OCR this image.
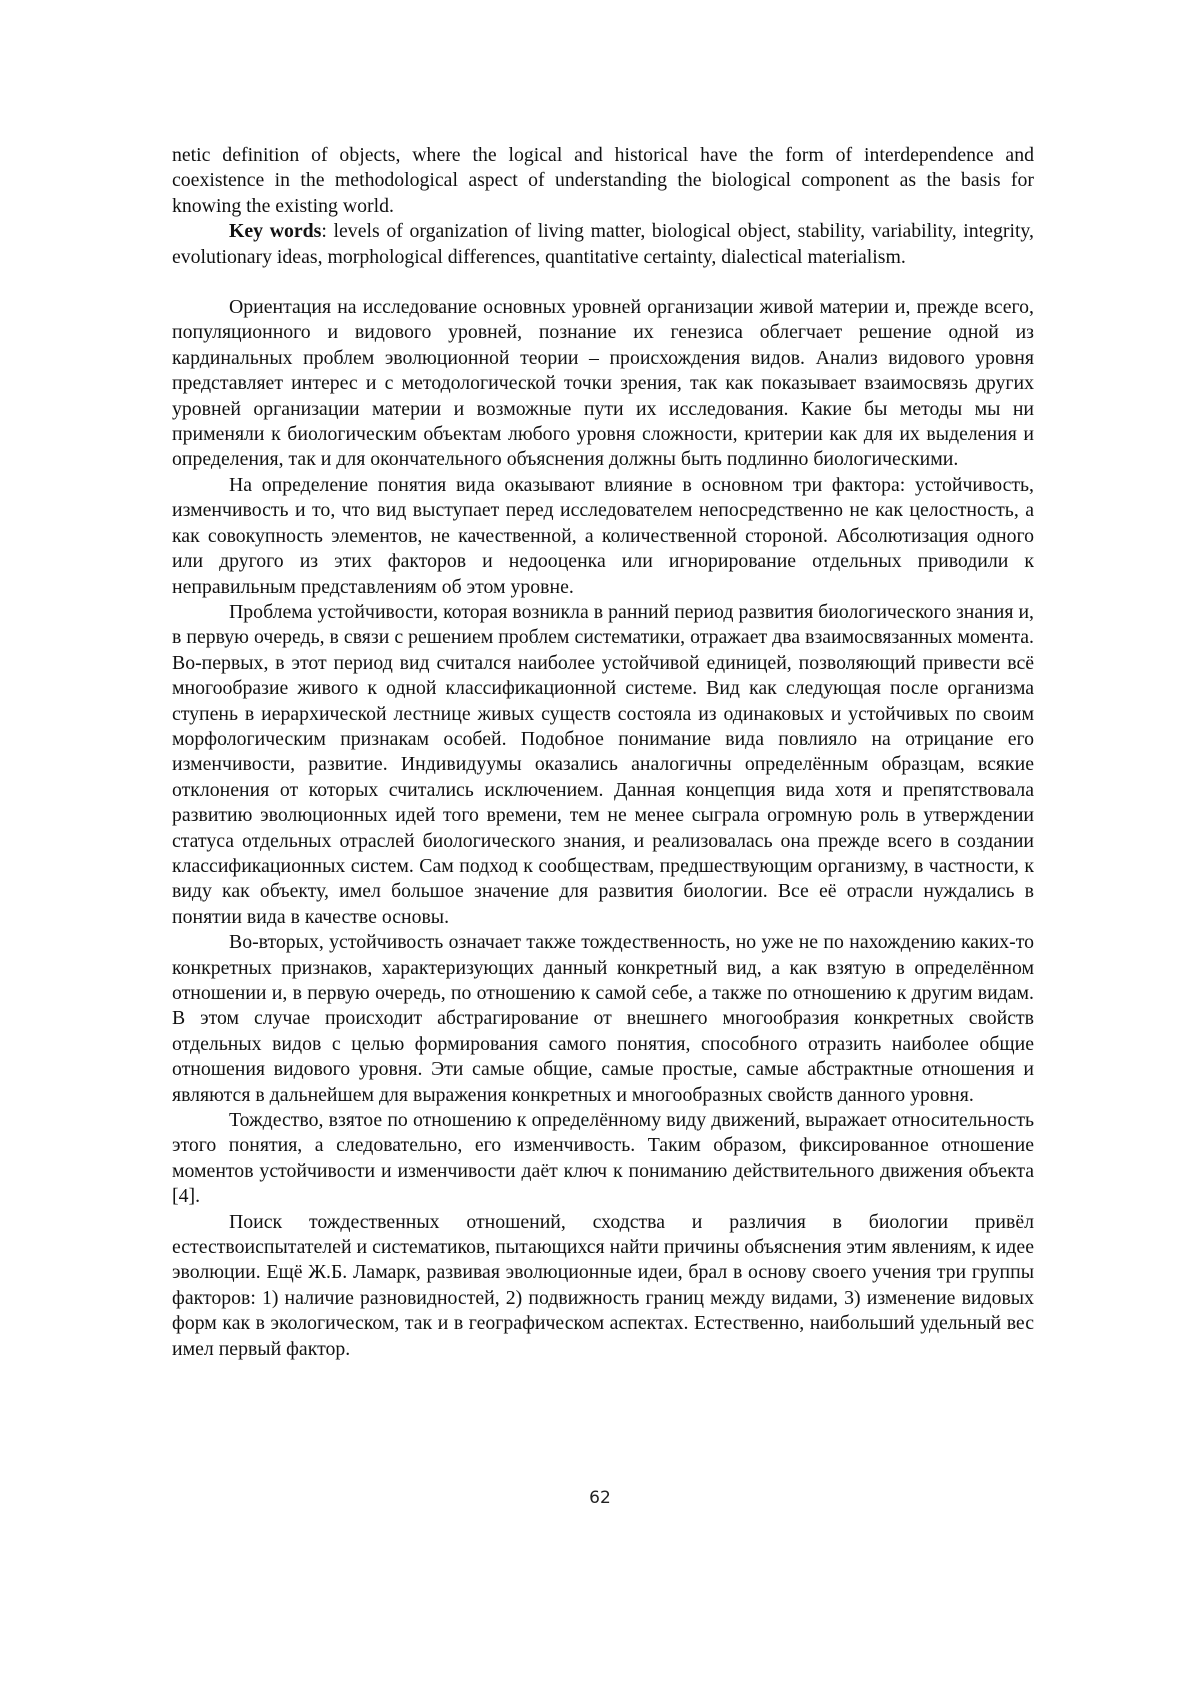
netic definition of objects, where the logical and historical have the form of interdependence and coexistence in the methodological aspect of understanding the biological component as the basis for knowing the existing world.

Key words: levels of organization of living matter, biological object, stability, variability, integrity, evolutionary ideas, morphological differences, quantitative certainty, dialectical materialism.

Ориентация на исследование основных уровней организации живой материи и, прежде всего, популяционного и видового уровней, познание их генезиса облегчает решение одной из кардинальных проблем эволюционной теории – происхождения видов. Анализ видового уровня представляет интерес и с методологической точки зрения, так как показывает взаимосвязь других уровней организации материи и возможные пути их исследования. Какие бы методы мы ни применяли к биологическим объектам любого уровня сложности, критерии как для их выделения и определения, так и для окончательного объяснения должны быть подлинно биологическими.

На определение понятия вида оказывают влияние в основном три фактора: устойчивость, изменчивость и то, что вид выступает перед исследователем непосредственно не как целостность, а как совокупность элементов, не качественной, а количественной стороной. Абсолютизация одного или другого из этих факторов и недооценка или игнорирование отдельных приводили к неправильным представлениям об этом уровне.

Проблема устойчивости, которая возникла в ранний период развития биологического знания и, в первую очередь, в связи с решением проблем систематики, отражает два взаимосвязанных момента. Во-первых, в этот период вид считался наиболее устойчивой единицей, позволяющий привести всё многообразие живого к одной классификационной системе. Вид как следующая после организма ступень в иерархической лестнице живых существ состояла из одинаковых и устойчивых по своим морфологическим признакам особей. Подобное понимание вида повлияло на отрицание его изменчивости, развитие. Индивидуумы оказались аналогичны определённым образцам, всякие отклонения от которых считались исключением. Данная концепция вида хотя и препятствовала развитию эволюционных идей того времени, тем не менее сыграла огромную роль в утверждении статуса отдельных отраслей биологического знания, и реализовалась она прежде всего в создании классификационных систем. Сам подход к сообществам, предшествующим организму, в частности, к виду как объекту, имел большое значение для развития биологии. Все её отрасли нуждались в понятии вида в качестве основы.

Во-вторых, устойчивость означает также тождественность, но уже не по нахождению каких-то конкретных признаков, характеризующих данный конкретный вид, а как взятую в определённом отношении и, в первую очередь, по отношению к самой себе, а также по отношению к другим видам. В этом случае происходит абстрагирование от внешнего многообразия конкретных свойств отдельных видов с целью формирования самого понятия, способного отразить наиболее общие отношения видового уровня. Эти самые общие, самые простые, самые абстрактные отношения и являются в дальнейшем для выражения конкретных и многообразных свойств данного уровня.

Тождество, взятое по отношению к определённому виду движений, выражает относительность этого понятия, а следовательно, его изменчивость. Таким образом, фиксированное отношение моментов устойчивости и изменчивости даёт ключ к пониманию действительного движения объекта [4].

Поиск тождественных отношений, сходства и различия в биологии привёл естествоиспытателей и систематиков, пытающихся найти причины объяснения этим явлениям, к идее эволюции. Ещё Ж.Б. Ламарк, развивая эволюционные идеи, брал в основу своего учения три группы факторов: 1) наличие разновидностей, 2) подвижность границ между видами, 3) изменение видовых форм как в экологическом, так и в географическом аспектах. Естественно, наибольший удельный вес имел первый фактор.

62
